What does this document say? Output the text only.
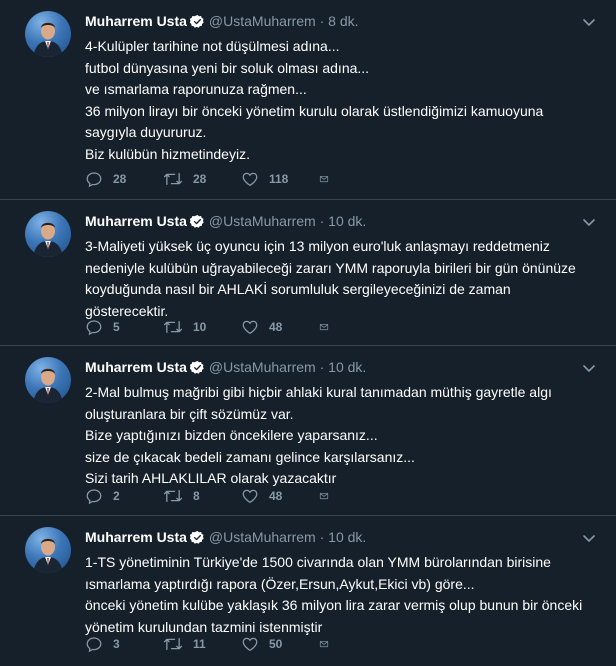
Muharrem Usta @UstaMuharrem · 8 dk.
4-Kulüpler tarihine not düşülmesi adına...
futbol dünyasına yeni bir soluk olması adına...
ve ısmarlama raporunuza rağmen...
36 milyon lirayı bir önceki yönetim kurulu olarak üstlendiğimizi kamuoyuna saygıyla duyururuz.
Biz kulübün hizmetindeyiz.
28	28	118
Muharrem Usta @UstaMuharrem · 10 dk.
3-Maliyeti yüksek üç oyuncu için 13 milyon euro'luk anlaşmayı reddetmeniz nedeniyle kulübün uğrayabileceği zararı YMM raporuyla birileri bir gün önünüze koyduğunda nasıl bir AHLAKİ sorumluluk sergileyeceğinizi de zaman gösterecektir.
5	10	48
Muharrem Usta @UstaMuharrem · 10 dk.
2-Mal bulmuş mağribi gibi hiçbir ahlaki kural tanımadan müthiş gayretle algı oluşturanlara bir çift sözümüz var.
Bize yaptığınızı bizden öncekilere yaparsanız...
size de çıkacak bedeli zamanı gelince karşılarsanız...
Sizi tarih AHLAKLILAR olarak yazacaktır
2	8	48
Muharrem Usta @UstaMuharrem · 10 dk.
1-TS yönetiminin Türkiye'de 1500 civarında olan YMM bürolarından birisine ısmarlama yaptırdığı rapora (Özer,Ersun,Aykut,Ekici vb) göre...
önceki yönetim kulübe yaklaşık 36 milyon lira zarar vermiş olup bunun bir önceki yönetim kurulundan tazmini istenmiştir
3	11	50
